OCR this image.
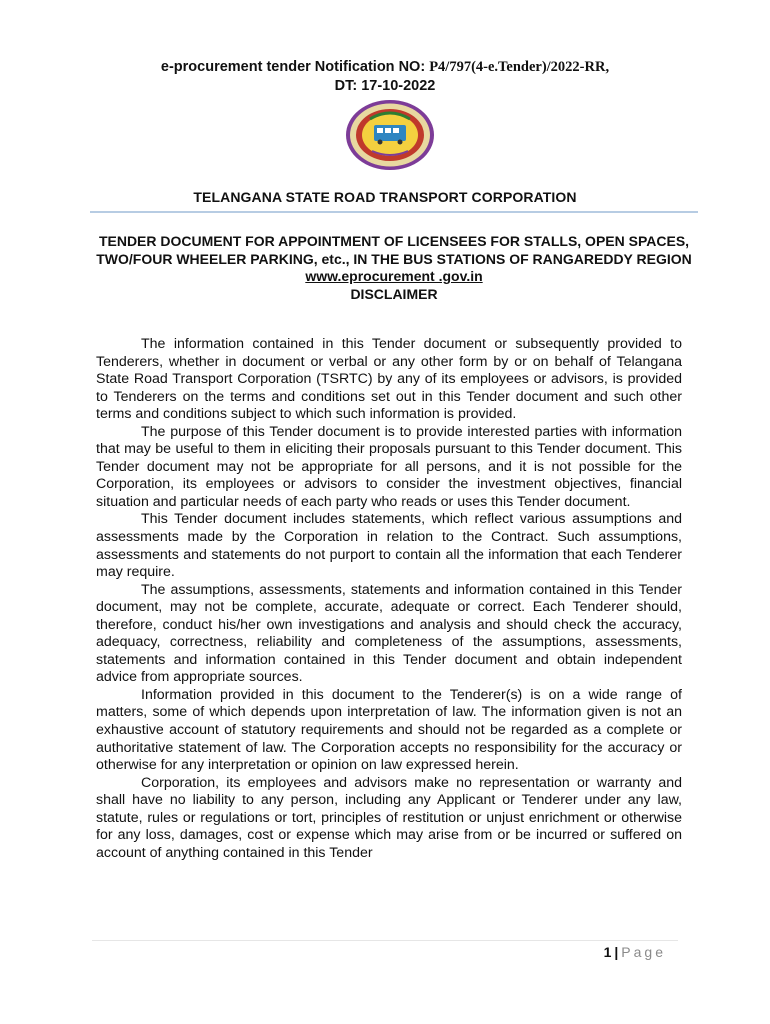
e-procurement tender Notification NO: P4/797(4-e.Tender)/2022-RR,
DT: 17-10-2022
TELANGANA STATE ROAD TRANSPORT CORPORATION
TENDER DOCUMENT FOR APPOINTMENT OF LICENSEES FOR STALLS, OPEN SPACES, TWO/FOUR WHEELER PARKING, etc., IN THE BUS STATIONS OF RANGAREDDY REGION
www.eprocurement .gov.in
DISCLAIMER

The information contained in this Tender document or subsequently provided to Tenderers, whether in document or verbal or any other form by or on behalf of Telangana State Road Transport Corporation (TSRTC) by any of its employees or advisors, is provided to Tenderers on the terms and conditions set out in this Tender document and such other terms and conditions subject to which such information is provided.

The purpose of this Tender document is to provide interested parties with information that may be useful to them in eliciting their proposals pursuant to this Tender document. This Tender document may not be appropriate for all persons, and it is not possible for the Corporation, its employees or advisors to consider the investment objectives, financial situation and particular needs of each party who reads or uses this Tender document.

This Tender document includes statements, which reflect various assumptions and assessments made by the Corporation in relation to the Contract. Such assumptions, assessments and statements do not purport to contain all the information that each Tenderer may require.

The assumptions, assessments, statements and information contained in this Tender document, may not be complete, accurate, adequate or correct. Each Tenderer should, therefore, conduct his/her own investigations and analysis and should check the accuracy, adequacy, correctness, reliability and completeness of the assumptions, assessments, statements and information contained in this Tender document and obtain independent advice from appropriate sources.

Information provided in this document to the Tenderer(s) is on a wide range of matters, some of which depends upon interpretation of law. The information given is not an exhaustive account of statutory requirements and should not be regarded as a complete or authoritative statement of law. The Corporation accepts no responsibility for the accuracy or otherwise for any interpretation or opinion on law expressed herein.

Corporation, its employees and advisors make no representation or warranty and shall have no liability to any person, including any Applicant or Tenderer under any law, statute, rules or regulations or tort, principles of restitution or unjust enrichment or otherwise for any loss, damages, cost or expense which may arise from or be incurred or suffered on account of anything contained in this Tender

1 | Page
